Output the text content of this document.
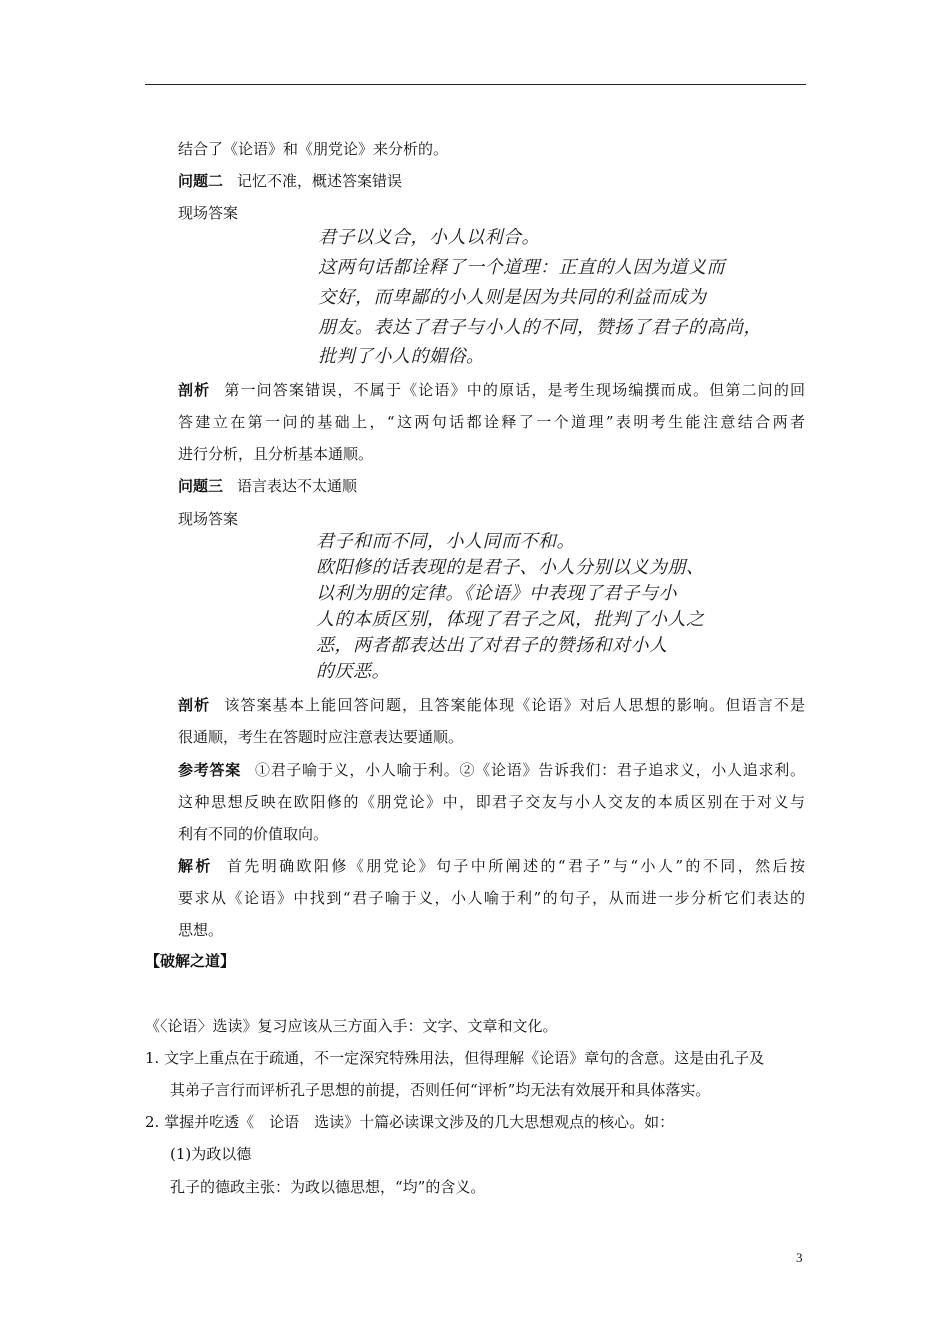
结合了《论语》和《朋党论》来分析的。
问题二 记忆不准，概述答案错误
现场答案
君子以义合，小人以利合。
这两句话都诠释了一个道理：正直的人因为道义而
交好，而卑鄙的小人则是因为共同的利益而成为
朋友。表达了君子与小人的不同，赞扬了君子的高尚，
批判了小人的媚俗。
剖析 第一问答案错误，不属于《论语》中的原话，是考生现场编撰而成。但第二问的回
答建立在第一问的基础上，“这两句话都诠释了一个道理”表明考生能注意结合两者
进行分析，且分析基本通顺。
问题三 语言表达不太通顺
现场答案
君子和而不同，小人同而不和。
欧阳修的话表现的是君子、小人分别以义为朋、
以利为朋的定律。《论语》中表现了君子与小
人的本质区别，体现了君子之风，批判了小人之
恶，两者都表达出了对君子的赞扬和对小人
的厌恶。
剖析 该答案基本上能回答问题，且答案能体现《论语》对后人思想的影响。但语言不是
很通顺，考生在答题时应注意表达要通顺。
参考答案 ①君子喻于义，小人喻于利。②《论语》告诉我们：君子追求义，小人追求利。
这种思想反映在欧阳修的《朋党论》中，即君子交友与小人交友的本质区别在于对义与
利有不同的价值取向。
解析 首先明确欧阳修《朋党论》句子中所阐述的“君子”与“小人”的不同，然后按
要求从《论语》中找到“君子喻于义，小人喻于利”的句子，从而进一步分析它们表达的
思想。
【破解之道】
《〈论语〉选读》复习应该从三方面入手：文字、文章和文化。
1. 文字上重点在于疏通，不一定深究特殊用法，但得理解《论语》章句的含意。这是由孔子及
其弟子言行而评析孔子思想的前提，否则任何“评析”均无法有效展开和具体落实。
2. 掌握并吃透《　论语　选读》十篇必读课文涉及的几大思想观点的核心。如：
(1)为政以德
孔子的德政主张：为政以德思想，“均”的含义。
3
